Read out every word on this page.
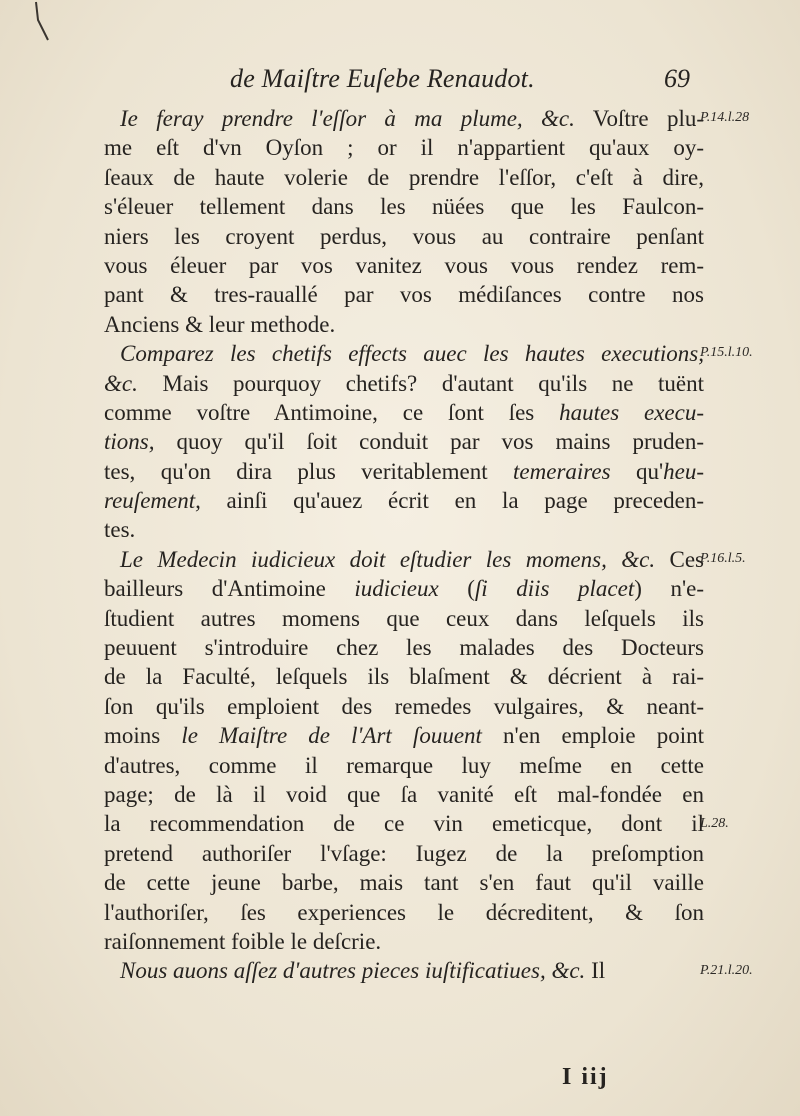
de Maiſtre Euſebe Renaudot.	69
Ie feray prendre l'eſſor à ma plume, &c. Voſtre plu-
me eſt d'vn Oyſon ; or il n'appartient qu'aux oy-
ſeaux de haute volerie de prendre l'eſſor, c'eſt à dire,
s'éleuer tellement dans les nüées que les Faulcon-
niers les croyent perdus, vous au contraire penſant
vous éleuer par vos vanitez vous vous rendez rem-
pant & tres-rauallé par vos médiſances contre nos
Anciens & leur methode.
Comparez les chetifs effects auec les hautes executions,
&c. Mais pourquoy chetifs? d'autant qu'ils ne tuënt
comme voſtre Antimoine, ce ſont ſes hautes execu-
tions, quoy qu'il ſoit conduit par vos mains pruden-
tes, qu'on dira plus veritablement temeraires qu'heu-
reuſement, ainſi qu'auez écrit en la page preceden-
tes.
Le Medecin iudicieux doit eſtudier les momens, &c. Ces
bailleurs d'Antimoine iudicieux (ſi diis placet) n'e-
ſtudient autres momens que ceux dans leſquels ils
peuuent s'introduire chez les malades des Docteurs
de la Faculté, leſquels ils blaſment & décrient à rai-
ſon qu'ils emploient des remedes vulgaires, & neant-
moins le Maiſtre de l'Art ſouuent n'en emploie point
d'autres, comme il remarque luy meſme en cette
page; de là il void que ſa vanité eſt mal-fondée en
la recommendation de ce vin emeticque, dont il
pretend authoriſer l'vſage: Iugez de la preſomption
de cette jeune barbe, mais tant s'en faut qu'il vaille
l'authoriſer, ſes experiences le décreditent, & ſon
raiſonnement foible le deſcrie.
Nous auons aſſez d'autres pieces iuſtificatiues, &c. Il
P.14.l.28
P.15.l.10.
P.16.l.5.
L.28.
P.21.l.20.
I iij
